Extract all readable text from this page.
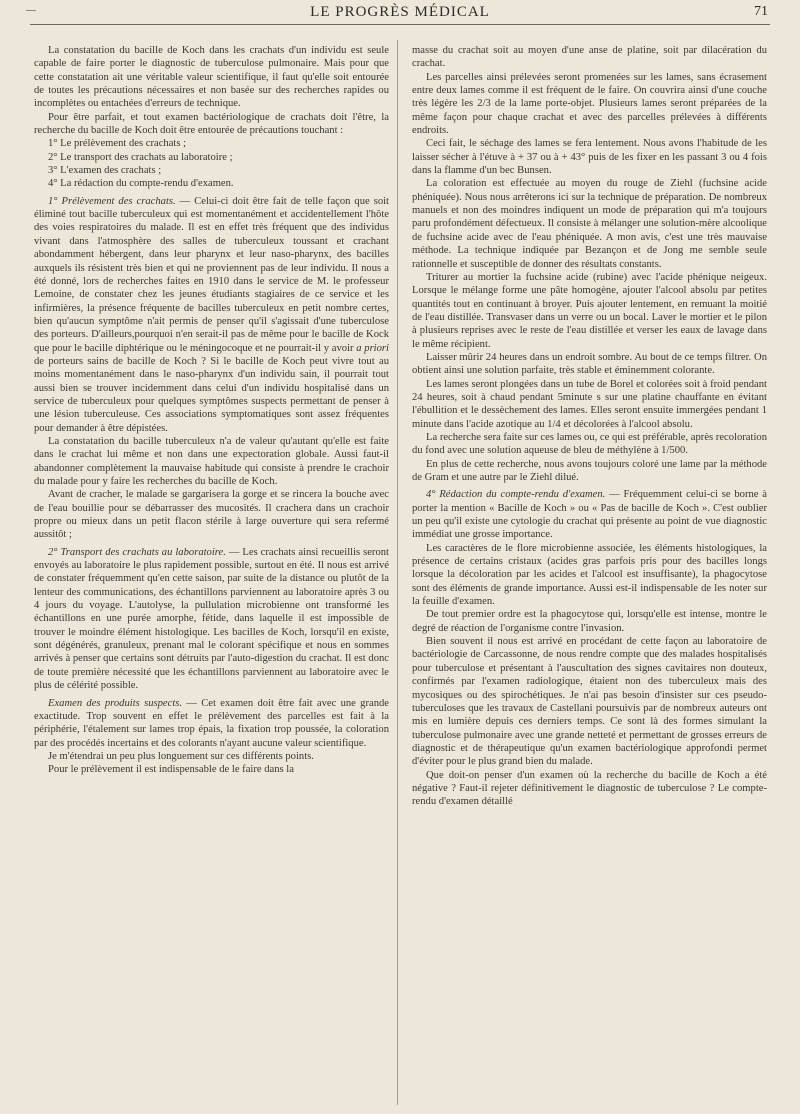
LE PROGRÈS MÉDICAL	71

La constatation du bacille de Koch dans les crachats d'un individu est seule capable de faire porter le diagnostic de tuberculose pulmonaire. Mais pour que cette constatation ait une véritable valeur scientifique, il faut qu'elle soit entourée de toutes les précautions nécessaires et non basée sur des recherches rapides ou incomplètes ou entachées d'erreurs de technique.

Pour être parfait, et tout examen bactériologique de crachats doit l'être, la recherche du bacille de Koch doit être entourée de précautions touchant :

1° Le prélèvement des crachats ;

2° Le transport des crachats au laboratoire ;

3° L'examen des crachats ;

4° La rédaction du compte-rendu d'examen.

1° Prélèvement des crachats. — Celui-ci doit être fait de telle façon que soit éliminé tout bacille tuberculeux qui est momentanément et accidentellement l'hôte des voies respiratoires du malade. Il est en effet très fréquent que des individus vivant dans l'atmosphère des salles de tuberculeux toussant et crachant abondamment hébergent, dans leur pharynx et leur naso-pharynx, des bacilles auxquels ils résistent très bien et qui ne proviennent pas de leur individu. Il nous a été donné, lors de recherches faites en 1910 dans le service de M. le professeur Lemoine, de constater chez les jeunes étudiants stagiaires de ce service et les infirmières, la présence fréquente de bacilles tuberculeux en petit nombre certes, bien qu'aucun symptôme n'ait permis de penser qu'il s'agissait d'une tuberculose des porteurs. D'ailleurs,pourquoi n'en serait-il pas de même pour le bacille de Kock que pour le bacille diphtérique ou le méningocoque et ne pourrait-il y avoir a priori de porteurs sains de bacille de Koch ? Si le bacille de Koch peut vivre tout au moins momentanément dans le naso-pharynx d'un individu sain, il pourrait tout aussi bien se trouver incidemment dans celui d'un individu hospitalisé dans un service de tuberculeux pour quelques symptômes suspects permettant de penser à une lésion tuberculeuse. Ces associations symptomatiques sont assez fréquentes pour demander à être dépistées.

La constatation du bacille tuberculeux n'a de valeur qu'autant qu'elle est faite dans le crachat lui même et non dans une expectoration globale. Aussi faut-il abandonner complètement la mauvaise habitude qui consiste à prendre le crachoir du malade pour y faire les recherches du bacille de Koch.

Avant de cracher, le malade se gargarisera la gorge et se rincera la bouche avec de l'eau bouillie pour se débarrasser des mucosités. Il crachera dans un crachoir propre ou mieux dans un petit flacon stérile à large ouverture qui sera refermé aussitôt ;

2° Transport des crachats au laboratoire. — Les crachats ainsi recueillis seront envoyés au laboratoire le plus rapidement possible, surtout en été. Il nous est arrivé de constater fréquemment qu'en cette saison, par suite de la distance ou plutôt de la lenteur des communications, des échantillons parviennent au laboratoire après 3 ou 4 jours du voyage. L'autolyse, la pullulation microbienne ont transformé les échantillons en une purée amorphe, fétide, dans laquelle il est impossible de trouver le moindre élément histologique. Les bacilles de Koch, lorsqu'il en existe, sont dégénérés, granuleux, prenant mal le colorant spécifique et nous en sommes arrivés à penser que certains sont détruits par l'auto-digestion du crachat. Il est donc de toute première nécessité que les échantillons parviennent au laboratoire avec le plus de célérité possible.

Examen des produits suspects. — Cet examen doit être fait avec une grande exactitude. Trop souvent en effet le prélèvement des parcelles est fait à la périphérie, l'étalement sur lames trop épais, la fixation trop poussée, la coloration par des procédés incertains et des colorants n'ayant aucune valeur scientifique.

Je m'étendrai un peu plus longuement sur ces différents points.

Pour le prélèvement il est indispensable de le faire dans la

masse du crachat soit au moyen d'une anse de platine, soit par dilacération du crachat.

Les parcelles ainsi prélevées seront promenées sur les lames, sans écrasement entre deux lames comme il est fréquent de le faire. On couvrira ainsi d'une couche très légère les 2/3 de la lame porte-objet. Plusieurs lames seront préparées de la même façon pour chaque crachat et avec des parcelles prélevées à différents endroits.

Ceci fait, le séchage des lames se fera lentement. Nous avons l'habitude de les laisser sécher à l'étuve à + 37 ou à + 43° puis de les fixer en les passant 3 ou 4 fois dans la flamme d'un bec Bunsen.

La coloration est effectuée au moyen du rouge de Ziehl (fuchsine acide phéniquée). Nous nous arrêterons ici sur la technique de préparation. De nombreux manuels et non des moindres indiquent un mode de préparation qui m'a toujours paru profondément défectueux. Il consiste à mélanger une solution-mère alcoolique de fuchsine acide avec de l'eau phéniquée. A mon avis, c'est une très mauvaise méthode. La technique indiquée par Bezançon et de Jong me semble seule rationnelle et susceptible de donner des résultats constants.

Triturer au mortier la fuchsine acide (rubine) avec l'acide phénique neigeux. Lorsque le mélange forme une pâte homogène, ajouter l'alcool absolu par petites quantités tout en continuant à broyer. Puis ajouter lentement, en remuant la moitié de l'eau distillée. Transvaser dans un verre ou un bocal. Laver le mortier et le pilon à plusieurs reprises avec le reste de l'eau distillée et verser les eaux de lavage dans le même récipient.

Laisser mûrir 24 heures dans un endroit sombre. Au bout de ce temps filtrer. On obtient ainsi une solution parfaite, très stable et éminemment colorante.

Les lames seront plongées dans un tube de Borel et colorées soit à froid pendant 24 heures, soit à chaud pendant 5minute s sur une platine chauffante en évitant l'ébullition et le dessèchement des lames. Elles seront ensuite immergées pendant 1 minute dans l'acide azotique au 1/4 et décolorées à l'alcool absolu.

La recherche sera faite sur ces lames ou, ce qui est préférable, après recoloration du fond avec une solution aqueuse de bleu de méthylène à 1/500.

En plus de cette recherche, nous avons toujours coloré une lame par la méthode de Gram et une autre par le Ziehl dilué.

4° Rédaction du compte-rendu d'examen. — Fréquemment celui-ci se borne à porter la mention « Bacille de Koch » ou « Pas de bacille de Koch ». C'est oublier un peu qu'il existe une cytologie du crachat qui présente au point de vue diagnostic immédiat une grosse importance.

Les caractères de le flore microbienne associée, les éléments histologiques, la présence de certains cristaux (acides gras parfois pris pour des bacilles longs lorsque la décoloration par les acides et l'alcool est insuffisante), la phagocytose sont des éléments de grande importance. Aussi est-il indispensable de les noter sur la feuille d'examen.

De tout premier ordre est la phagocytose qui, lorsqu'elle est intense, montre le degré de réaction de l'organisme contre l'invasion.

Bien souvent il nous est arrivé en procédant de cette façon au laboratoire de bactériologie de Carcassonne, de nous rendre compte que des malades hospitalisés pour tuberculose et présentant à l'auscultation des signes cavitaires non douteux, confirmés par l'examen radiologique, étaient non des tuberculeux mais des mycosiques ou des spirochétiques. Je n'ai pas besoin d'insister sur ces pseudo-tuberculoses que les travaux de Castellani poursuivis par de nombreux auteurs ont mis en lumière depuis ces derniers temps. Ce sont là des formes simulant la tuberculose pulmonaire avec une grande netteté et permettant de grosses erreurs de diagnostic et de thérapeutique qu'un examen bactériologique approfondi permet d'éviter pour le plus grand bien du malade.

Que doit-on penser d'un examen où la recherche du bacille de Koch a été négative ? Faut-il rejeter définitivement le diagnostic de tuberculose ? Le compte-rendu d'examen détaillé
